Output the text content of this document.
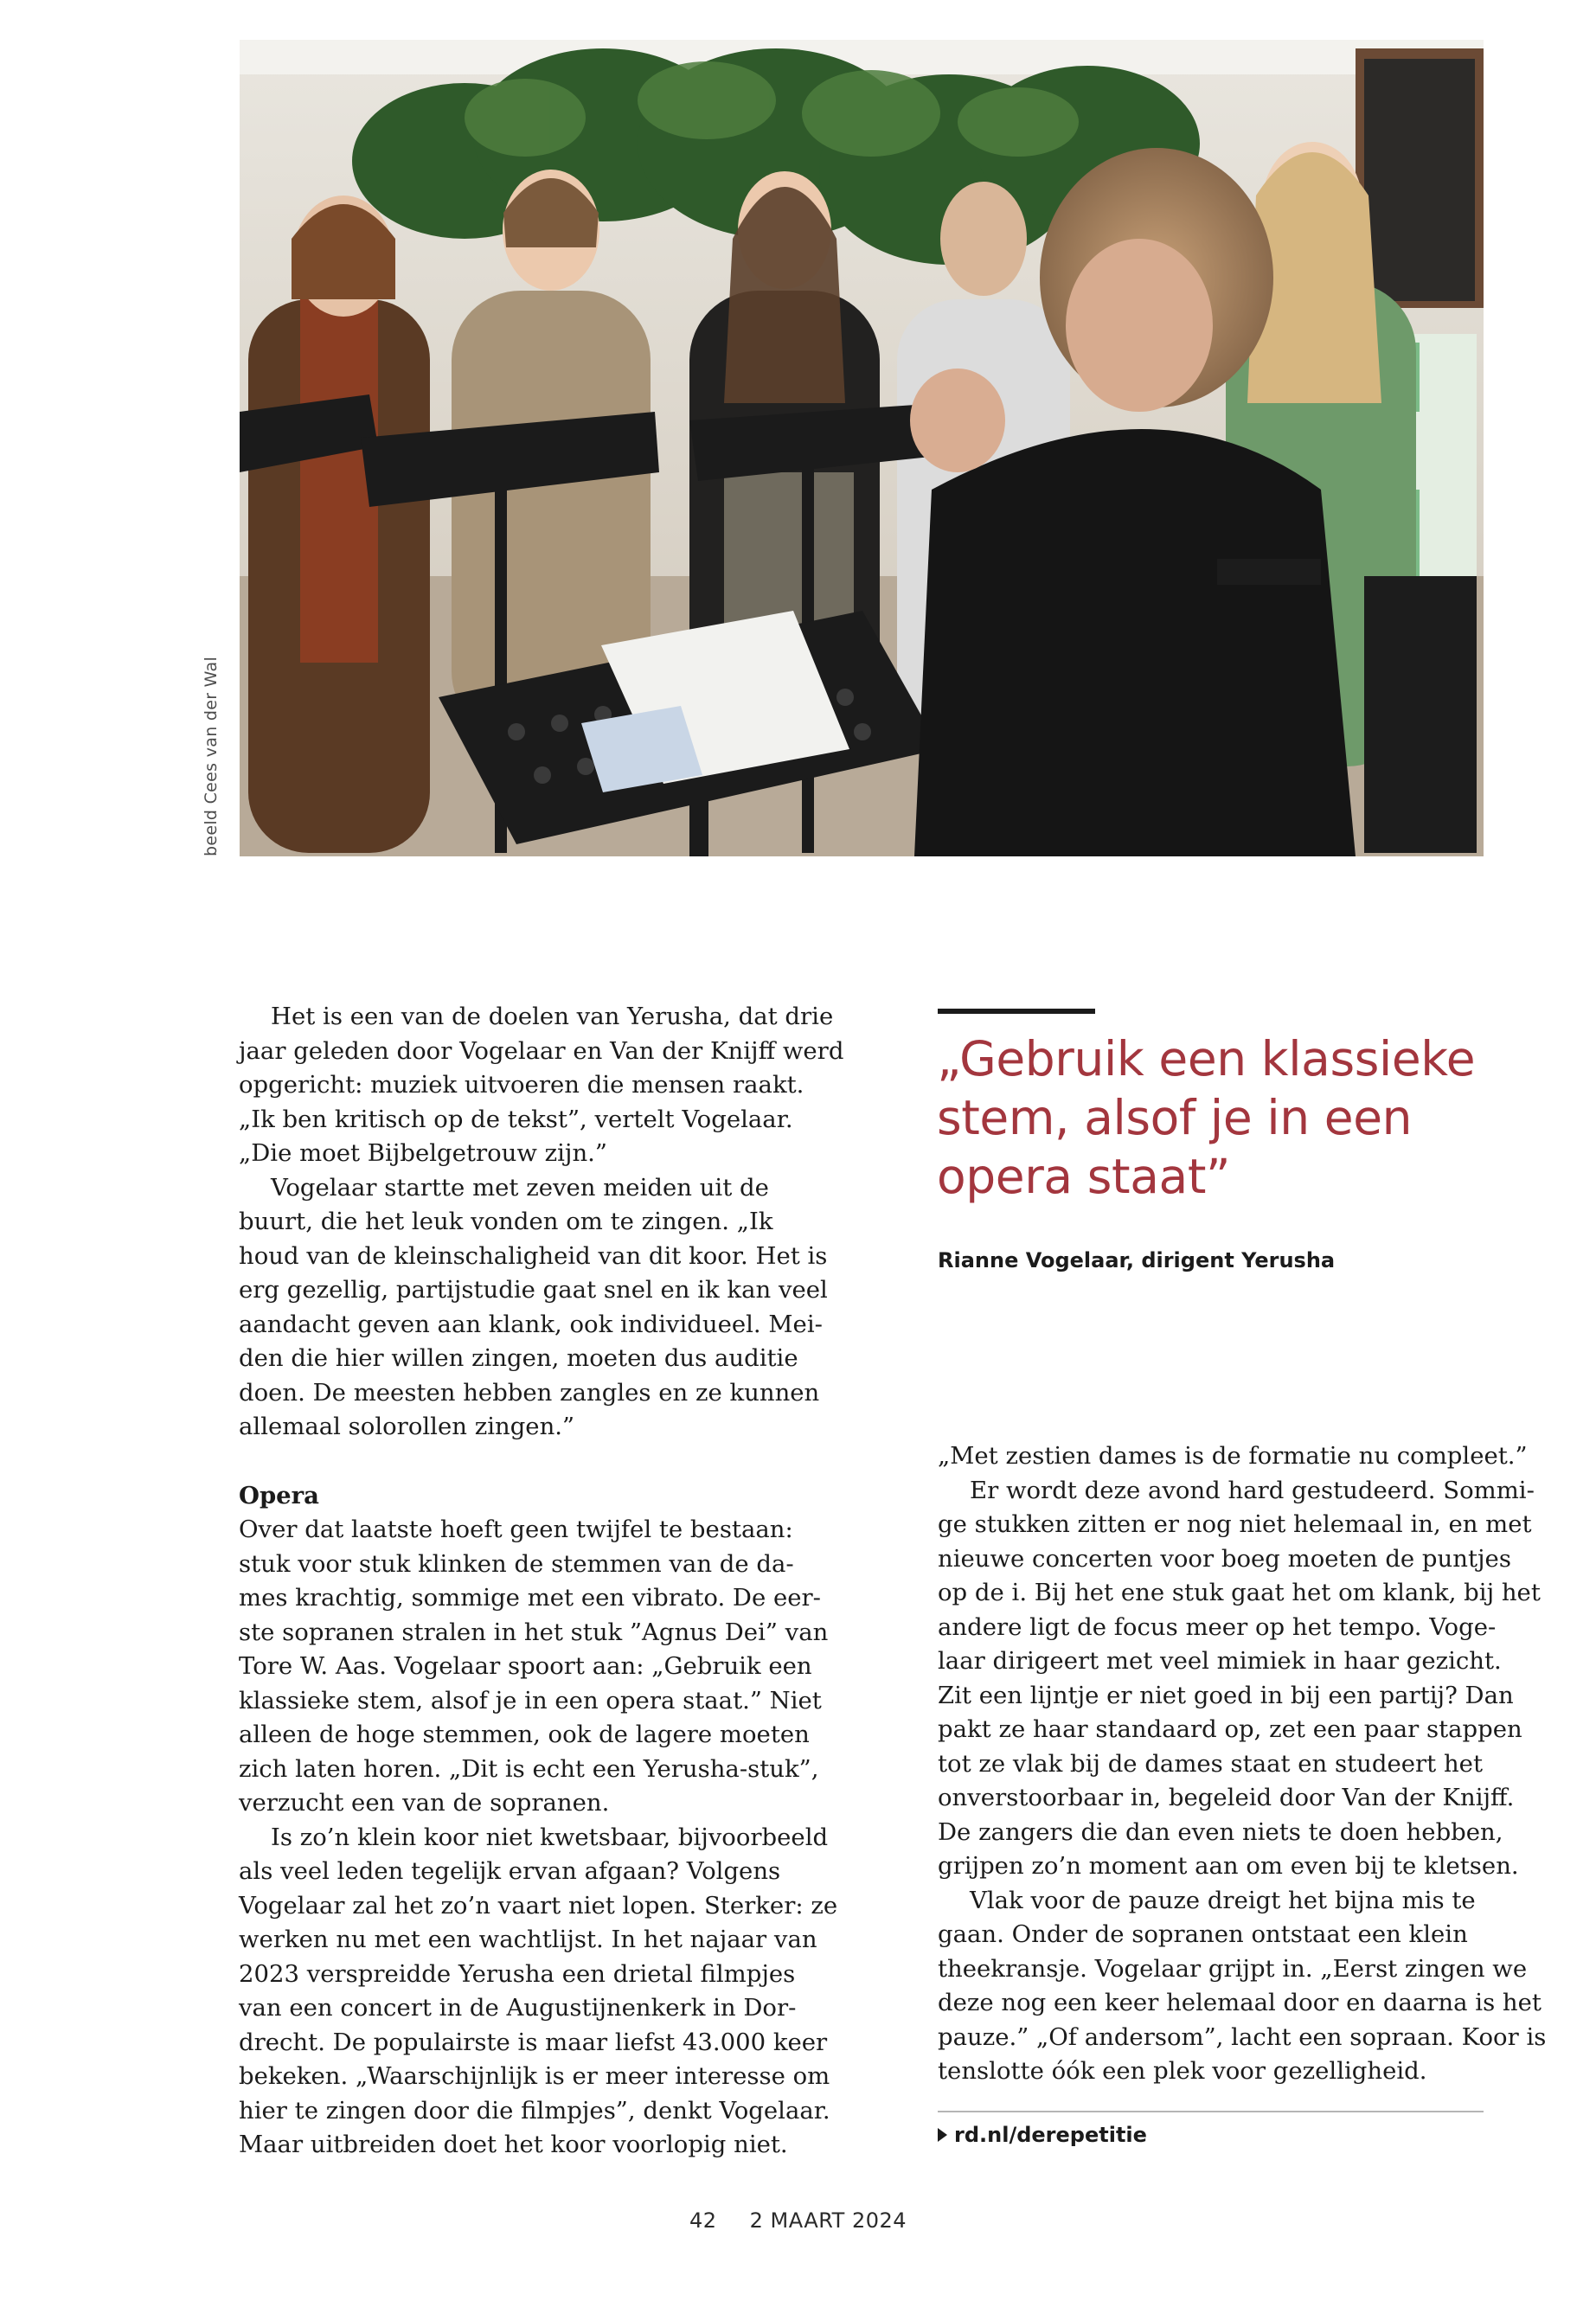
beeld Cees van der Wal

Het is een van de doelen van Yerusha, dat drie
jaar geleden door Vogelaar en Van der Knijff werd
opgericht: muziek uitvoeren die mensen raakt.
„Ik ben kritisch op de tekst”, vertelt Vogelaar.
„Die moet Bijbelgetrouw zijn.”

Vogelaar startte met zeven meiden uit de
buurt, die het leuk vonden om te zingen. „Ik
houd van de kleinschaligheid van dit koor. Het is
erg gezellig, partijstudie gaat snel en ik kan veel
aandacht geven aan klank, ook individueel. Mei-
den die hier willen zingen, moeten dus auditie
doen. De meesten hebben zangles en ze kunnen
allemaal solorollen zingen.”

Opera

Over dat laatste hoeft geen twijfel te bestaan:
stuk voor stuk klinken de stemmen van de da-
mes krachtig, sommige met een vibrato. De eer-
ste sopranen stralen in het stuk ”Agnus Dei” van
Tore W. Aas. Vogelaar spoort aan: „Gebruik een
klassieke stem, alsof je in een opera staat.” Niet
alleen de hoge stemmen, ook de lagere moeten
zich laten horen. „Dit is echt een Yerusha-stuk”,
verzucht een van de sopranen.

Is zo’n klein koor niet kwetsbaar, bijvoorbeeld
als veel leden tegelijk ervan afgaan? Volgens
Vogelaar zal het zo’n vaart niet lopen. Sterker: ze
werken nu met een wachtlijst. In het najaar van
2023 verspreidde Yerusha een drietal filmpjes
van een concert in de Augustijnenkerk in Dor-
drecht. De populairste is maar liefst 43.000 keer
bekeken. „Waarschijnlijk is er meer interesse om
hier te zingen door die filmpjes”, denkt Vogelaar.
Maar uitbreiden doet het koor voorlopig niet.

„Gebruik een klassieke
stem, alsof je in een
opera staat”
Rianne Vogelaar, dirigent Yerusha

„Met zestien dames is de formatie nu compleet.”

Er wordt deze avond hard gestudeerd. Sommi-
ge stukken zitten er nog niet helemaal in, en met
nieuwe concerten voor boeg moeten de puntjes
op de i. Bij het ene stuk gaat het om klank, bij het
andere ligt de focus meer op het tempo. Voge-
laar dirigeert met veel mimiek in haar gezicht.
Zit een lijntje er niet goed in bij een partij? Dan
pakt ze haar standaard op, zet een paar stappen
tot ze vlak bij de dames staat en studeert het
onverstoorbaar in, begeleid door Van der Knijff.
De zangers die dan even niets te doen hebben,
grijpen zo’n moment aan om even bij te kletsen.

Vlak voor de pauze dreigt het bijna mis te
gaan. Onder de sopranen ontstaat een klein
theekransje. Vogelaar grijpt in. „Eerst zingen we
deze nog een keer helemaal door en daarna is het
pauze.” „Of andersom”, lacht een sopraan. Koor is
tenslotte óók een plek voor gezelligheid.

rd.nl/derepetitie
42 2 MAART 2024
